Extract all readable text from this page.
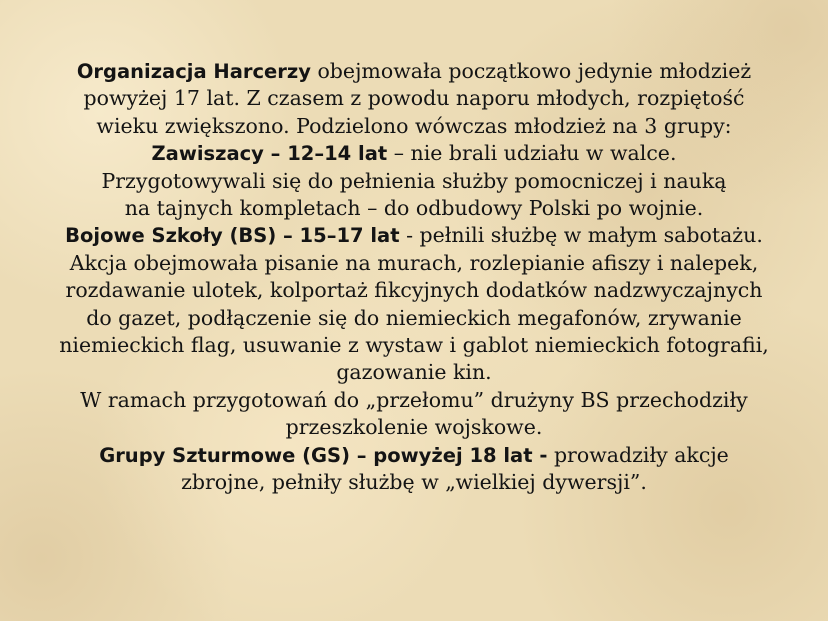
Organizacja Harcerzy obejmowała początkowo jedynie młodzież
powyżej 17 lat. Z czasem z powodu naporu młodych, rozpiętość
wieku zwiększono. Podzielono wówczas młodzież na 3 grupy:
Zawiszacy – 12–14 lat – nie brali udziału w walce.
Przygotowywali się do pełnienia służby pomocniczej i nauką
na tajnych kompletach – do odbudowy Polski po wojnie.
Bojowe Szkoły (BS) – 15–17 lat - pełnili służbę w małym sabotażu.
Akcja obejmowała pisanie na murach, rozlepianie afiszy i nalepek,
rozdawanie ulotek, kolportaż fikcyjnych dodatków nadzwyczajnych
do gazet, podłączenie się do niemieckich megafonów, zrywanie
niemieckich flag, usuwanie z wystaw i gablot niemieckich fotografii,
gazowanie kin.
W ramach przygotowań do „przełomu” drużyny BS przechodziły
przeszkolenie wojskowe.
Grupy Szturmowe (GS) – powyżej 18 lat - prowadziły akcje
zbrojne, pełniły służbę w „wielkiej dywersji”.
